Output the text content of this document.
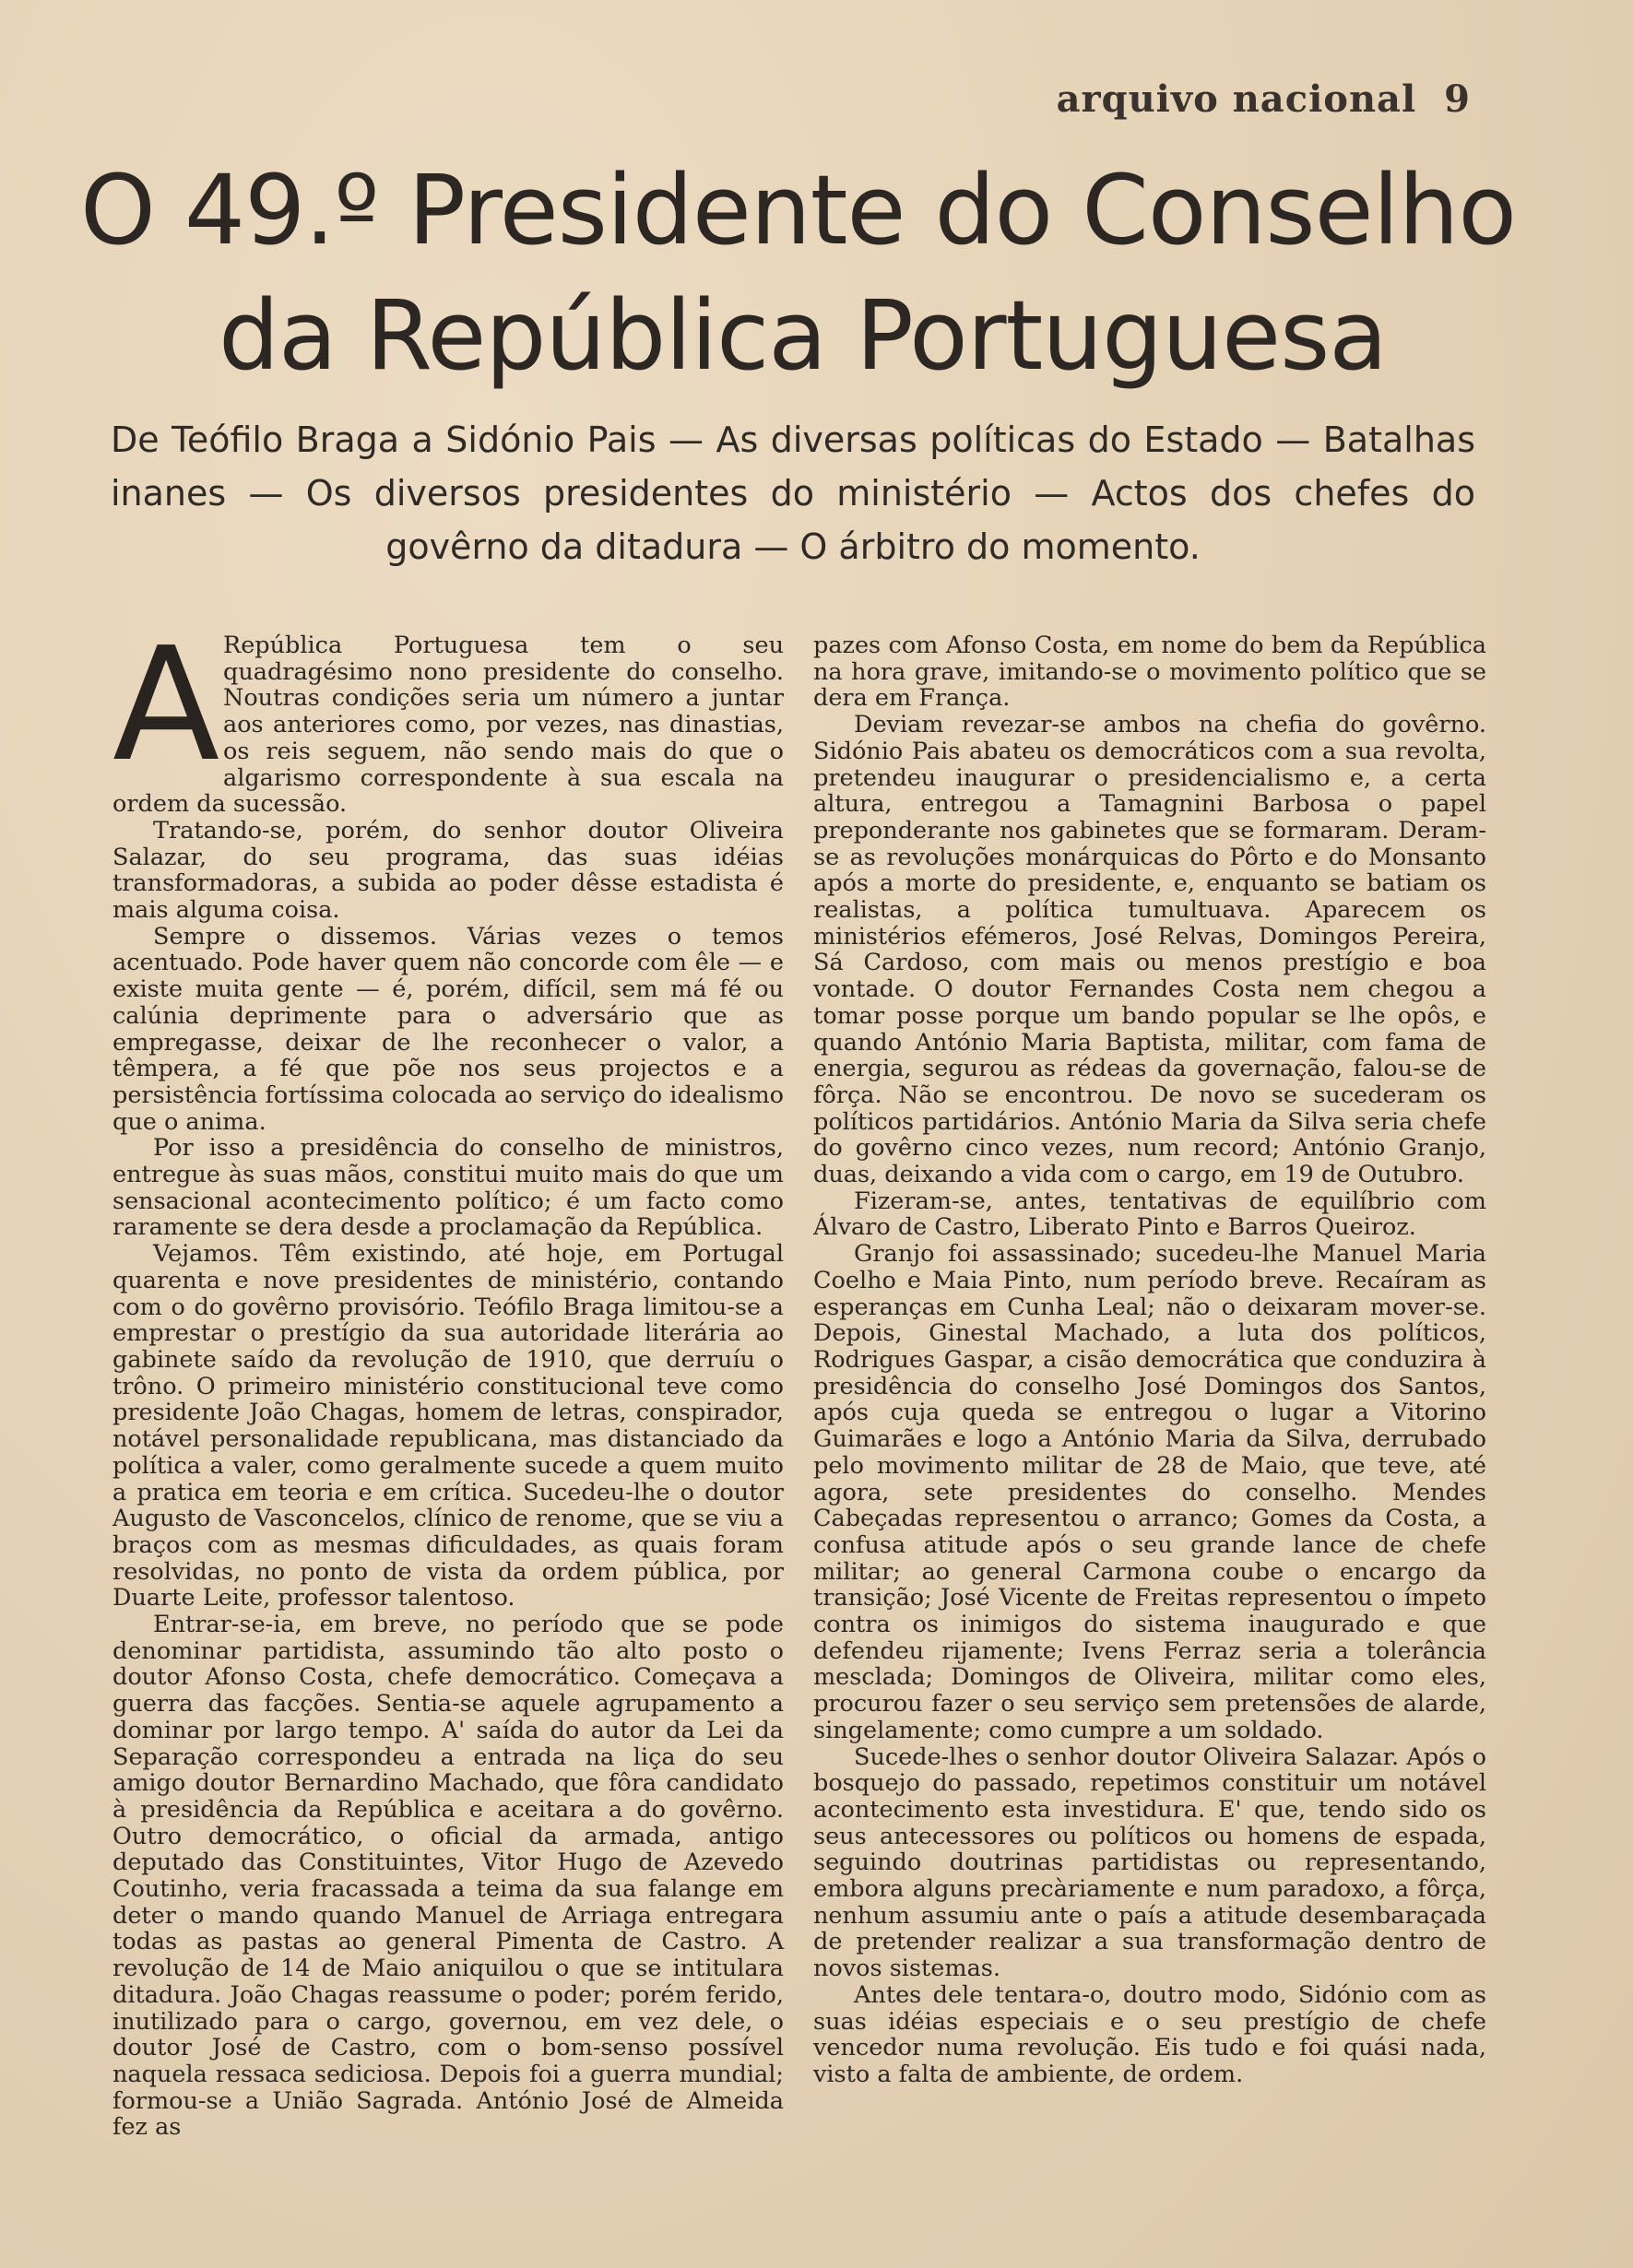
arquivo nacional 9
O 49.º Presidente do Conselho
da República Portuguesa
De Teófilo Braga a Sidónio Pais — As diversas políticas do Estado — Batalhas inanes — Os diversos presidentes do ministério — Actos dos chefes do govêrno da ditadura — O árbitro do momento.

A República Portuguesa tem o seu quadragésimo nono presidente do conselho. Noutras condições seria um número a juntar aos anteriores como, por vezes, nas dinastias, os reis seguem, não sendo mais do que o algarismo correspondente à sua escala na ordem da sucessão.

Tratando-se, porém, do senhor doutor Oliveira Salazar, do seu programa, das suas idéias transformadoras, a subida ao poder dêsse estadista é mais alguma coisa.

Sempre o dissemos. Várias vezes o temos acentuado. Pode haver quem não concorde com êle — e existe muita gente — é, porém, difícil, sem má fé ou calúnia deprimente para o adversário que as empregasse, deixar de lhe reconhecer o valor, a têmpera, a fé que põe nos seus projectos e a persistência fortíssima colocada ao serviço do idealismo que o anima.

Por isso a presidência do conselho de ministros, entregue às suas mãos, constitui muito mais do que um sensacional acontecimento político; é um facto como raramente se dera desde a proclamação da República.

Vejamos. Têm existindo, até hoje, em Portugal quarenta e nove presidentes de ministério, contando com o do govêrno provisório. Teófilo Braga limitou-se a emprestar o prestígio da sua autoridade literária ao gabinete saído da revolução de 1910, que derruíu o trôno. O primeiro ministério constitucional teve como presidente João Chagas, homem de letras, conspirador, notável personalidade republicana, mas distanciado da política a valer, como geralmente sucede a quem muito a pratica em teoria e em crítica. Sucedeu-lhe o doutor Augusto de Vasconcelos, clínico de renome, que se viu a braços com as mesmas dificuldades, as quais foram resolvidas, no ponto de vista da ordem pública, por Duarte Leite, professor talentoso.

Entrar-se-ia, em breve, no período que se pode denominar partidista, assumindo tão alto posto o doutor Afonso Costa, chefe democrático. Começava a guerra das facções. Sentia-se aquele agrupamento a dominar por largo tempo. A' saída do autor da Lei da Separação correspondeu a entrada na liça do seu amigo doutor Bernardino Machado, que fôra candidato à presidência da República e aceitara a do govêrno. Outro democrático, o oficial da armada, antigo deputado das Constituintes, Vitor Hugo de Azevedo Coutinho, veria fracassada a teima da sua falange em deter o mando quando Manuel de Arriaga entregara todas as pastas ao general Pimenta de Castro. A revolução de 14 de Maio aniquilou o que se intitulara ditadura. João Chagas reassume o poder; porém ferido, inutilizado para o cargo, governou, em vez dele, o doutor José de Castro, com o bom-senso possível naquela ressaca sediciosa. Depois foi a guerra mundial; formou-se a União Sagrada. António José de Almeida fez as

pazes com Afonso Costa, em nome do bem da República na hora grave, imitando-se o movimento político que se dera em França.

Deviam revezar-se ambos na chefia do govêrno. Sidónio Pais abateu os democráticos com a sua revolta, pretendeu inaugurar o presidencialismo e, a certa altura, entregou a Tamagnini Barbosa o papel preponderante nos gabinetes que se formaram. Deram-se as revoluções monárquicas do Pôrto e do Monsanto após a morte do presidente, e, enquanto se batiam os realistas, a política tumultuava. Aparecem os ministérios efémeros, José Relvas, Domingos Pereira, Sá Cardoso, com mais ou menos prestígio e boa vontade. O doutor Fernandes Costa nem chegou a tomar posse porque um bando popular se lhe opôs, e quando António Maria Baptista, militar, com fama de energia, segurou as rédeas da governação, falou-se de fôrça. Não se encontrou. De novo se sucederam os políticos partidários. António Maria da Silva seria chefe do govêrno cinco vezes, num record; António Granjo, duas, deixando a vida com o cargo, em 19 de Outubro.

Fizeram-se, antes, tentativas de equilíbrio com Álvaro de Castro, Liberato Pinto e Barros Queiroz.

Granjo foi assassinado; sucedeu-lhe Manuel Maria Coelho e Maia Pinto, num período breve. Recaíram as esperanças em Cunha Leal; não o deixaram mover-se. Depois, Ginestal Machado, a luta dos políticos, Rodrigues Gaspar, a cisão democrática que conduzira à presidência do conselho José Domingos dos Santos, após cuja queda se entregou o lugar a Vitorino Guimarães e logo a António Maria da Silva, derrubado pelo movimento militar de 28 de Maio, que teve, até agora, sete presidentes do conselho. Mendes Cabeçadas representou o arranco; Gomes da Costa, a confusa atitude após o seu grande lance de chefe militar; ao general Carmona coube o encargo da transição; José Vicente de Freitas representou o ímpeto contra os inimigos do sistema inaugurado e que defendeu rijamente; Ivens Ferraz seria a tolerância mesclada; Domingos de Oliveira, militar como eles, procurou fazer o seu serviço sem pretensões de alarde, singelamente; como cumpre a um soldado.

Sucede-lhes o senhor doutor Oliveira Salazar. Após o bosquejo do passado, repetimos constituir um notável acontecimento esta investidura. E' que, tendo sido os seus antecessores ou políticos ou homens de espada, seguindo doutrinas partidistas ou representando, embora alguns precàriamente e num paradoxo, a fôrça, nenhum assumiu ante o país a atitude desembaraçada de pretender realizar a sua transformação dentro de novos sistemas.

Antes dele tentara-o, doutro modo, Sidónio com as suas idéias especiais e o seu prestígio de chefe vencedor numa revolução. Eis tudo e foi quási nada, visto a falta de ambiente, de ordem.
